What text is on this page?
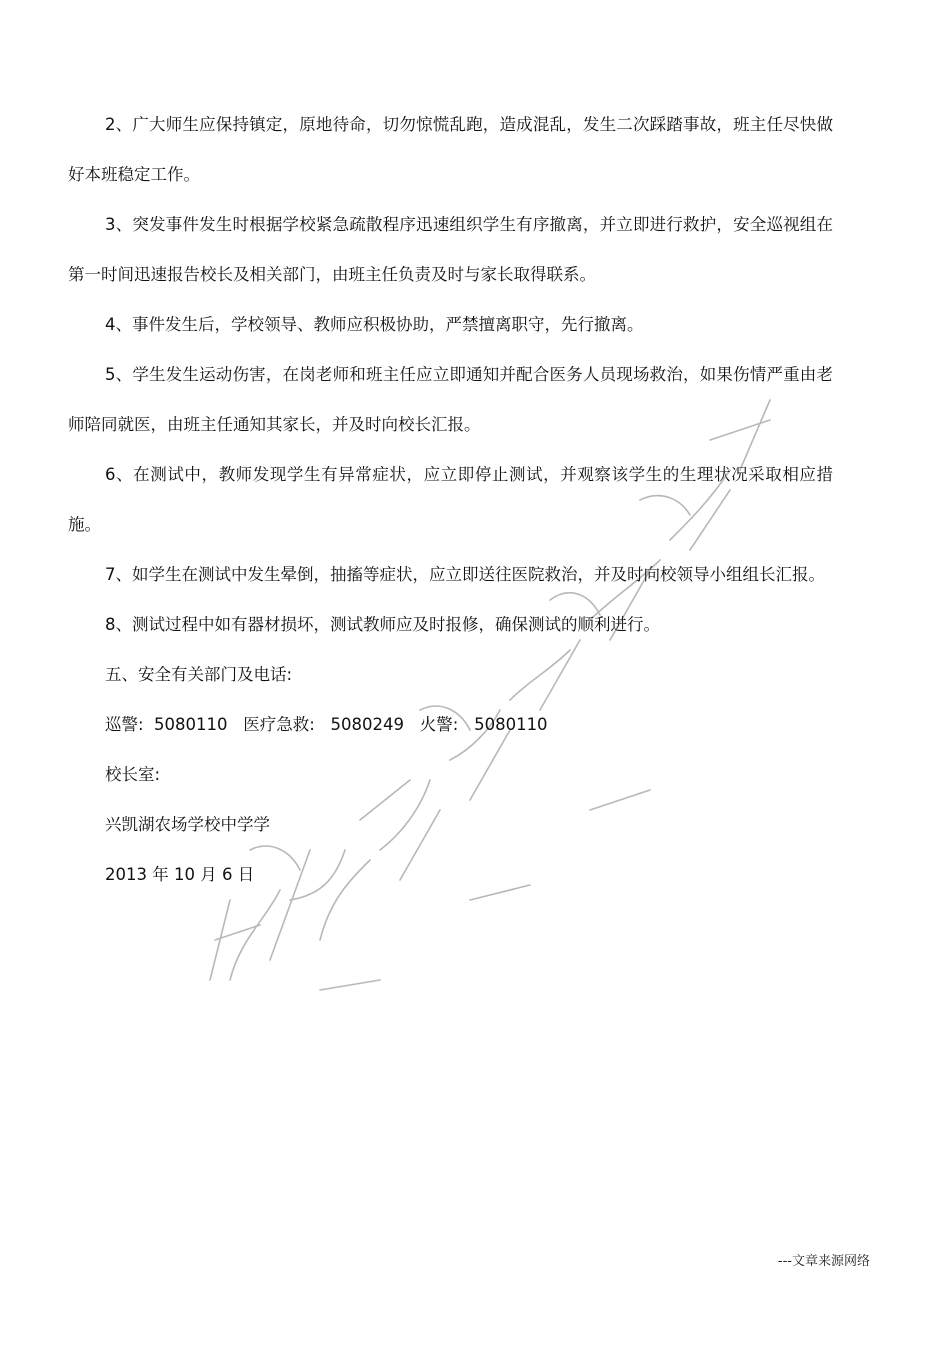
2、广大师生应保持镇定，原地待命，切勿惊慌乱跑，造成混乱，发生二次踩踏事故，班主任尽快做好本班稳定工作。

3、突发事件发生时根据学校紧急疏散程序迅速组织学生有序撤离，并立即进行救护，安全巡视组在第一时间迅速报告校长及相关部门，由班主任负责及时与家长取得联系。

4、事件发生后，学校领导、教师应积极协助，严禁擅离职守，先行撤离。

5、学生发生运动伤害，在岗老师和班主任应立即通知并配合医务人员现场救治，如果伤情严重由老师陪同就医，由班主任通知其家长，并及时向校长汇报。

6、在测试中，教师发现学生有异常症状，应立即停止测试，并观察该学生的生理状况采取相应措施。

7、如学生在测试中发生晕倒，抽搐等症状，应立即送往医院救治，并及时向校领导小组组长汇报。

8、测试过程中如有器材损坏，测试教师应及时报修，确保测试的顺利进行。

五、安全有关部门及电话:

巡警:  5080110   医疗急救:   5080249   火警:   5080110

校长室:

兴凯湖农场学校中学学

2013 年 10 月 6 日

---文章来源网络
